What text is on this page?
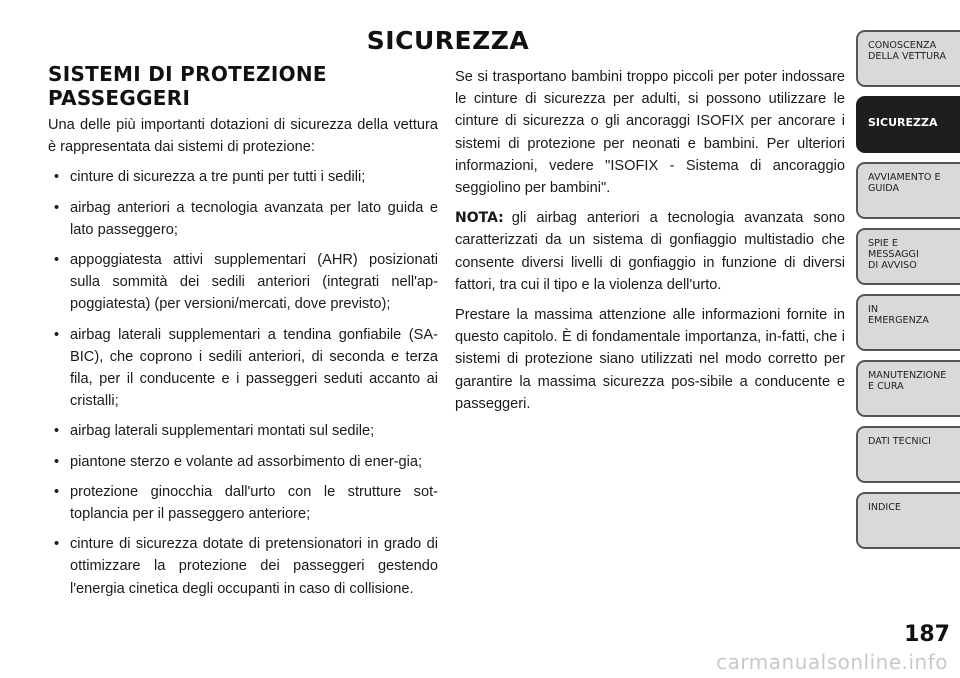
SICUREZZA
SISTEMI DI PROTEZIONE
PASSEGGERI

Una delle più importanti dotazioni di sicurezza della vettura è rappresentata dai sistemi di protezione:

• cinture di sicurezza a tre punti per tutti i sedili;
• airbag anteriori a tecnologia avanzata per lato guida e lato passeggero;
• appoggiatesta attivi supplementari (AHR) posizionati sulla sommità dei sedili anteriori (integrati nell'ap-poggiatesta) (per versioni/mercati, dove previsto);
• airbag laterali supplementari a tendina gonfiabile (SA-BIC), che coprono i sedili anteriori, di seconda e terza fila, per il conducente e i passeggeri seduti accanto ai cristalli;
• airbag laterali supplementari montati sul sedile;
• piantone sterzo e volante ad assorbimento di ener-gia;
• protezione ginocchia dall'urto con le strutture sot-toplancia per il passeggero anteriore;
• cinture di sicurezza dotate di pretensionatori in grado di ottimizzare la protezione dei passeggeri gestendo l'energia cinetica degli occupanti in caso di collisione.

Se si trasportano bambini troppo piccoli per poter indossare le cinture di sicurezza per adulti, si possono utilizzare le cinture di sicurezza o gli ancoraggi ISOFIX per ancorare i sistemi di protezione per neonati e bambini. Per ulteriori informazioni, vedere "ISOFIX - Sistema di ancoraggio seggiolino per bambini".

NOTA: gli airbag anteriori a tecnologia avanzata sono caratterizzati da un sistema di gonfiaggio multistadio che consente diversi livelli di gonfiaggio in funzione di diversi fattori, tra cui il tipo e la violenza dell'urto.

Prestare la massima attenzione alle informazioni fornite in questo capitolo. È di fondamentale importanza, in-fatti, che i sistemi di protezione siano utilizzati nel modo corretto per garantire la massima sicurezza pos-sibile a conducente e passeggeri.

CONOSCENZA
DELLA VETTURA
SICUREZZA
AVVIAMENTO E
GUIDA
SPIE E
MESSAGGI
DI AVVISO
IN
EMERGENZA
MANUTENZIONE
E CURA
DATI TECNICI
INDICE
187
carmanualsonline.info
